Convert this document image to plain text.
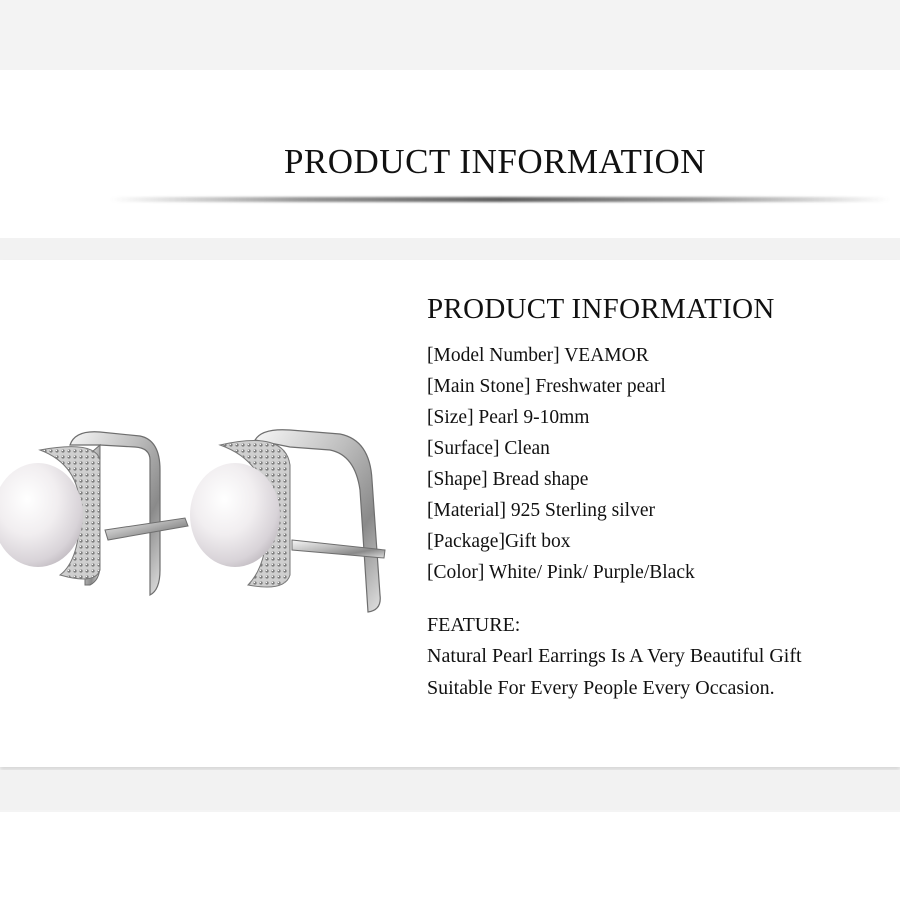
PRODUCT INFORMATION
PRODUCT INFORMATION
[Model Number] VEAMOR
[Main Stone] Freshwater pearl
[Size] Pearl 9-10mm
[Surface] Clean
[Shape] Bread shape
[Material] 925 Sterling silver
[Package]Gift box
[Color] White/ Pink/ Purple/Black
FEATURE:
Natural Pearl Earrings Is A Very Beautiful Gift
Suitable For Every People Every Occasion.
